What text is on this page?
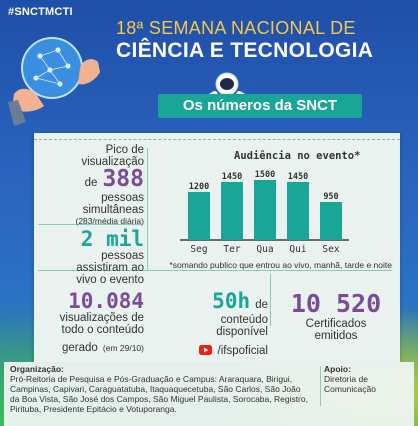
#SNCTMCTI
18ª SEMANA NACIONAL DE
CIÊNCIA E TECNOLOGIA
Os números da SNCT
Pico de
visualização
de 388
pessoas
simultâneas
(283/média diária)
2 mil
pessoas
assistiram ao
vivo o evento
10.084
visualizações de
todo o conteúdo
gerado (em 29/10)
50h de
conteúdo
disponível
/ifspoficial
10 520
Certificados
emitidos
Audiência no evento*
1200
Seg
1450
Ter
1500
Qua
1450
Qui
950
Sex
*somando publico que entrou ao vivo, manhã, tarde e noite
Organização:
Pró-Reitoria de Pesquisa e Pós-Graduação e Campus: Araraquara, Birigui, Campinas, Capivari, Caraguatatuba, Itaquaquecetuba, São Carlos, São João da Boa Vista, São José dos Campos, São Miguel Paulista, Sorocaba, Registro, Pirituba, Presidente Epitácio e Votuporanga.
Apoio:
Diretoria de Comunicação
